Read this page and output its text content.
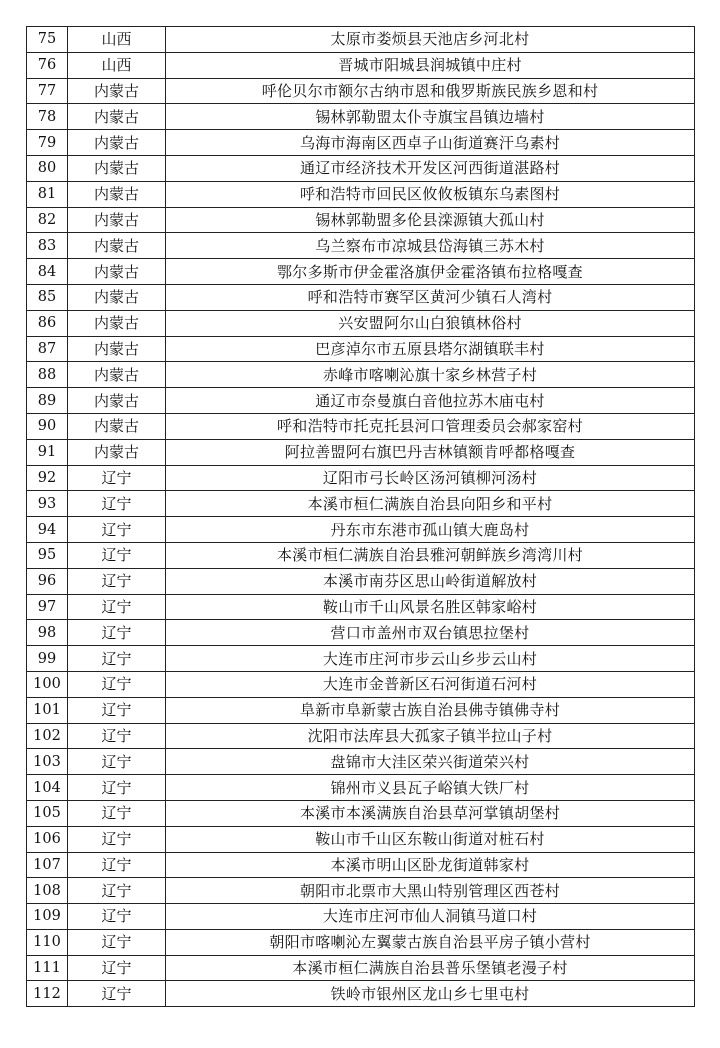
75	山西	太原市娄烦县天池店乡河北村
76	山西	晋城市阳城县润城镇中庄村
77	内蒙古	呼伦贝尔市额尔古纳市恩和俄罗斯族民族乡恩和村
78	内蒙古	锡林郭勒盟太仆寺旗宝昌镇边墙村
79	内蒙古	乌海市海南区西卓子山街道赛汗乌素村
80	内蒙古	通辽市经济技术开发区河西街道湛路村
81	内蒙古	呼和浩特市回民区攸攸板镇东乌素图村
82	内蒙古	锡林郭勒盟多伦县滦源镇大孤山村
83	内蒙古	乌兰察布市凉城县岱海镇三苏木村
84	内蒙古	鄂尔多斯市伊金霍洛旗伊金霍洛镇布拉格嘎查
85	内蒙古	呼和浩特市赛罕区黄河少镇石人湾村
86	内蒙古	兴安盟阿尔山白狼镇林俗村
87	内蒙古	巴彦淖尔市五原县塔尔湖镇联丰村
88	内蒙古	赤峰市喀喇沁旗十家乡林营子村
89	内蒙古	通辽市奈曼旗白音他拉苏木庙屯村
90	内蒙古	呼和浩特市托克托县河口管理委员会郝家窑村
91	内蒙古	阿拉善盟阿右旗巴丹吉林镇额肯呼都格嘎查
92	辽宁	辽阳市弓长岭区汤河镇柳河汤村
93	辽宁	本溪市桓仁满族自治县向阳乡和平村
94	辽宁	丹东市东港市孤山镇大鹿岛村
95	辽宁	本溪市桓仁满族自治县雅河朝鲜族乡湾湾川村
96	辽宁	本溪市南芬区思山岭街道解放村
97	辽宁	鞍山市千山风景名胜区韩家峪村
98	辽宁	营口市盖州市双台镇思拉堡村
99	辽宁	大连市庄河市步云山乡步云山村
100	辽宁	大连市金普新区石河街道石河村
101	辽宁	阜新市阜新蒙古族自治县佛寺镇佛寺村
102	辽宁	沈阳市法库县大孤家子镇半拉山子村
103	辽宁	盘锦市大洼区荣兴街道荣兴村
104	辽宁	锦州市义县瓦子峪镇大铁厂村
105	辽宁	本溪市本溪满族自治县草河掌镇胡堡村
106	辽宁	鞍山市千山区东鞍山街道对桩石村
107	辽宁	本溪市明山区卧龙街道韩家村
108	辽宁	朝阳市北票市大黑山特别管理区西苍村
109	辽宁	大连市庄河市仙人洞镇马道口村
110	辽宁	朝阳市喀喇沁左翼蒙古族自治县平房子镇小营村
111	辽宁	本溪市桓仁满族自治县普乐堡镇老漫子村
112	辽宁	铁岭市银州区龙山乡七里屯村
